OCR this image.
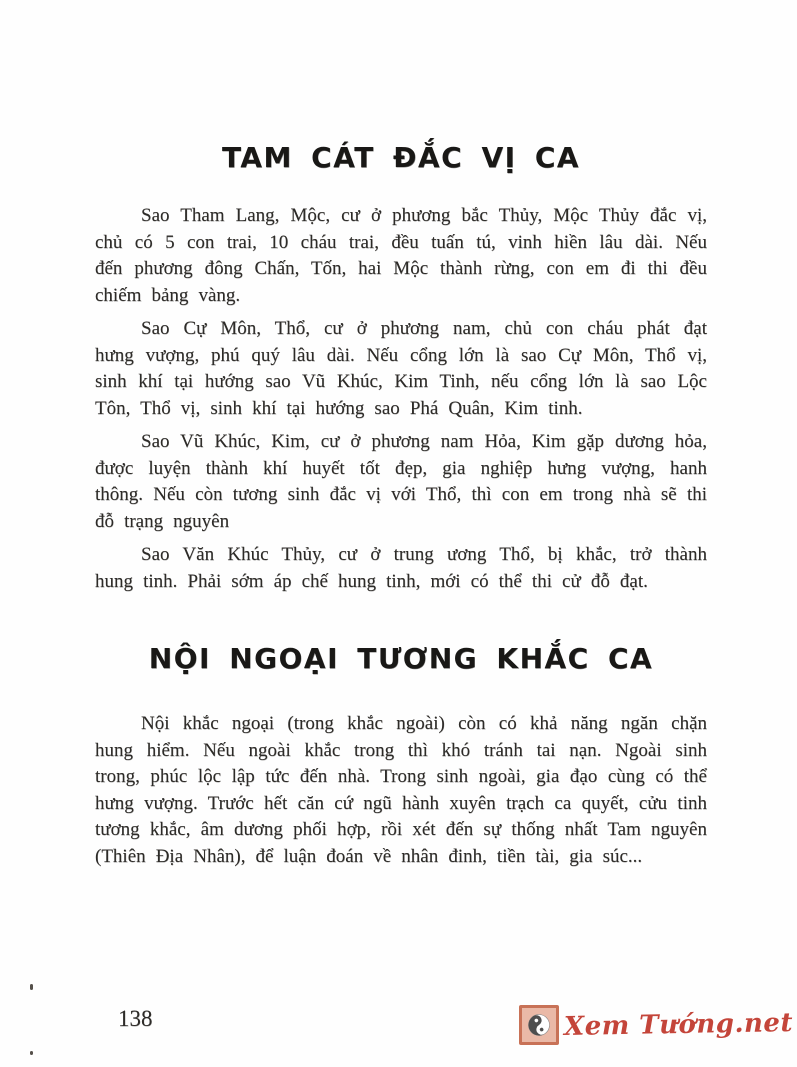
TAM CÁT ĐẮC VỊ CA

Sao Tham Lang, Mộc, cư ở phương bắc Thủy, Mộc Thủy đắc vị, chủ có 5 con trai, 10 cháu trai, đều tuấn tú, vinh hiền lâu dài. Nếu đến phương đông Chấn, Tốn, hai Mộc thành rừng, con em đi thi đều chiếm bảng vàng.

Sao Cự Môn, Thổ, cư ở phương nam, chủ con cháu phát đạt hưng vượng, phú quý lâu dài. Nếu cổng lớn là sao Cự Môn, Thổ vị, sinh khí tại hướng sao Vũ Khúc, Kim Tinh, nếu cổng lớn là sao Lộc Tôn, Thổ vị, sinh khí tại hướng sao Phá Quân, Kim tinh.

Sao Vũ Khúc, Kim, cư ở phương nam Hỏa, Kim gặp dương hỏa, được luyện thành khí huyết tốt đẹp, gia nghiệp hưng vượng, hanh thông. Nếu còn tương sinh đắc vị với Thổ, thì con em trong nhà sẽ thi đỗ trạng nguyên

Sao Văn Khúc Thủy, cư ở trung ương Thổ, bị khắc, trở thành hung tinh. Phải sớm áp chế hung tinh, mới có thể thi cử đỗ đạt.

NỘI NGOẠI TƯƠNG KHẮC CA

Nội khắc ngoại (trong khắc ngoài) còn có khả năng ngăn chặn hung hiểm. Nếu ngoài khắc trong thì khó tránh tai nạn. Ngoài sinh trong, phúc lộc lập tức đến nhà. Trong sinh ngoài, gia đạo cùng có thể hưng vượng. Trước hết căn cứ ngũ hành xuyên trạch ca quyết, cửu tinh tương khắc, âm dương phối hợp, rồi xét đến sự thống nhất Tam nguyên (Thiên Địa Nhân), để luận đoán về nhân đinh, tiền tài, gia súc...

138	Xem Tướng.net
